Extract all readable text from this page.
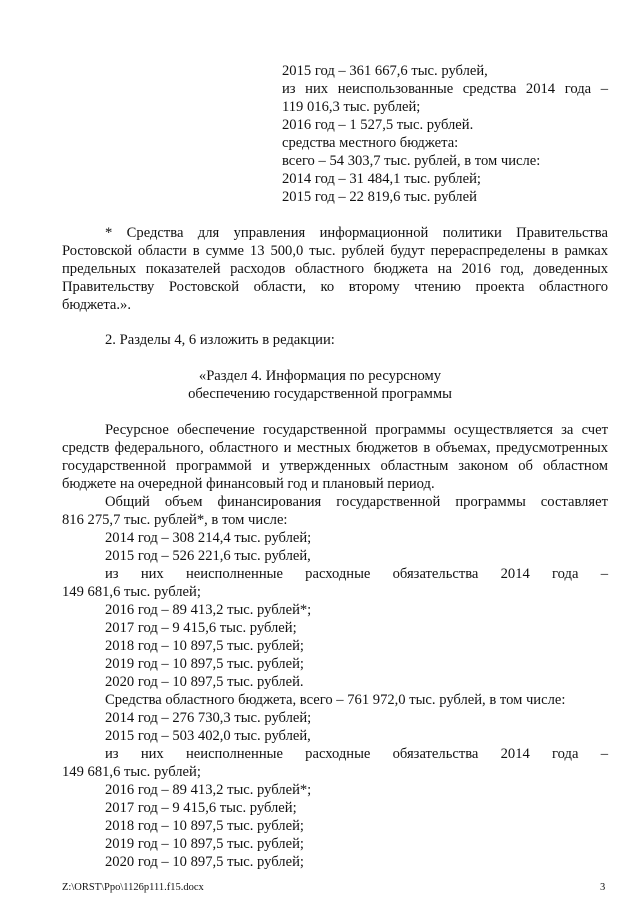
2015 год – 361 667,6 тыс. рублей,
из них неиспользованные средства 2014 года –
119 016,3 тыс. рублей;
2016 год – 1 527,5 тыс. рублей.
средства местного бюджета:
всего – 54 303,7 тыс. рублей, в том числе:
2014 год – 31 484,1 тыс. рублей;
2015 год – 22 819,6 тыс. рублей
* Средства для управления информационной политики Правительства
Ростовской области в сумме 13 500,0 тыс. рублей будут перераспределены в рамках
предельных показателей расходов областного бюджета на 2016 год, доведенных
Правительству Ростовской области, ко второму чтению проекта областного
бюджета.».
2. Разделы 4, 6 изложить в редакции:
«Раздел 4. Информация по ресурсному
обеспечению государственной программы
Ресурсное обеспечение государственной программы осуществляется за счет
средств федерального, областного и местных бюджетов в объемах, предусмотренных
государственной программой и утвержденных областным законом об областном
бюджете на очередной финансовый год и плановый период.
Общий объем финансирования государственной программы составляет
816 275,7 тыс. рублей*, в том числе:
2014 год – 308 214,4 тыс. рублей;
2015 год – 526 221,6 тыс. рублей,
из них неисполненные расходные обязательства 2014 года –
149 681,6 тыс. рублей;
2016 год – 89 413,2 тыс. рублей*;
2017 год – 9 415,6 тыс. рублей;
2018 год – 10 897,5 тыс. рублей;
2019 год – 10 897,5 тыс. рублей;
2020 год – 10 897,5 тыс. рублей.
Средства областного бюджета, всего – 761 972,0 тыс. рублей, в том числе:
2014 год – 276 730,3 тыс. рублей;
2015 год – 503 402,0 тыс. рублей,
из них неисполненные расходные обязательства 2014 года –
149 681,6 тыс. рублей;
2016 год – 89 413,2 тыс. рублей*;
2017 год – 9 415,6 тыс. рублей;
2018 год – 10 897,5 тыс. рублей;
2019 год – 10 897,5 тыс. рублей;
2020 год – 10 897,5 тыс. рублей;
Z:\ORST\Ppo\1126p111.f15.docx	3
